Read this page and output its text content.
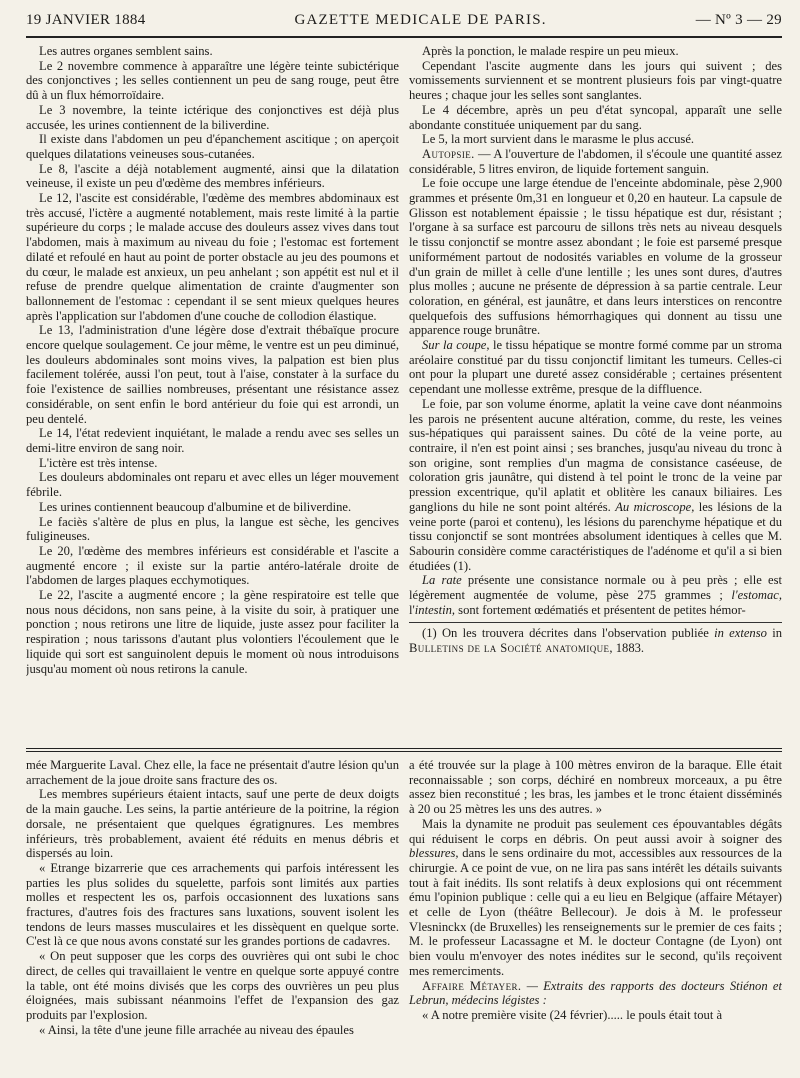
19 JANVIER 1884	GAZETTE MEDICALE DE PARIS.	— Nº 3 — 29

Les autres organes semblent sains.

Le 2 novembre commence à apparaître une légère teinte subictérique des conjonctives ; les selles contiennent un peu de sang rouge, peut être dû à un flux hémorroïdaire.

Le 3 novembre, la teinte ictérique des conjonctives est déjà plus accusée, les urines contiennent de la biliverdine.

Il existe dans l'abdomen un peu d'épanchement ascitique ; on aperçoit quelques dilatations veineuses sous-cutanées.

Le 8, l'ascite a déjà notablement augmenté, ainsi que la dilatation veineuse, il existe un peu d'œdème des membres inférieurs.

Le 12, l'ascite est considérable, l'œdème des membres abdominaux est très accusé, l'ictère a augmenté notablement, mais reste limité à la partie supérieure du corps ; le malade accuse des douleurs assez vives dans tout l'abdomen, mais à maximum au niveau du foie ; l'estomac est fortement dilaté et refoulé en haut au point de porter obstacle au jeu des poumons et du cœur, le malade est anxieux, un peu anhelant ; son appétit est nul et il refuse de prendre quelque alimentation de crainte d'augmenter son ballonnement de l'estomac : cependant il se sent mieux quelques heures après l'application sur l'abdomen d'une couche de collodion élastique.

Le 13, l'administration d'une légère dose d'extrait thébaïque procure encore quelque soulagement. Ce jour même, le ventre est un peu diminué, les douleurs abdominales sont moins vives, la palpation est bien plus facilement tolérée, aussi l'on peut, tout à l'aise, constater à la surface du foie l'existence de saillies nombreuses, présentant une résistance assez considérable, on sent enfin le bord antérieur du foie qui est arrondi, un peu dentelé.

Le 14, l'état redevient inquiétant, le malade a rendu avec ses selles un demi-litre environ de sang noir.

L'ictère est très intense.

Les douleurs abdominales ont reparu et avec elles un léger mouvement fébrile.

Les urines contiennent beaucoup d'albumine et de biliverdine.

Le faciès s'altère de plus en plus, la langue est sèche, les gencives fuligineuses.

Le 20, l'œdème des membres inférieurs est considérable et l'ascite a augmenté encore ; il existe sur la partie antéro-latérale droite de l'abdomen de larges plaques ecchymotiques.

Le 22, l'ascite a augmenté encore ; la gène respiratoire est telle que nous nous décidons, non sans peine, à la visite du soir, à pratiquer une ponction ; nous retirons une litre de liquide, juste assez pour faciliter la respiration ; nous tarissons d'autant plus volontiers l'écoulement que le liquide qui sort est sanguinolent depuis le moment où nous introduisons jusqu'au moment où nous retirons la canule.

Après la ponction, le malade respire un peu mieux.

Cependant l'ascite augmente dans les jours qui suivent ; des vomissements surviennent et se montrent plusieurs fois par vingt-quatre heures ; chaque jour les selles sont sanglantes.

Le 4 décembre, après un peu d'état syncopal, apparaît une selle abondante constituée uniquement par du sang.

Le 5, la mort survient dans le marasme le plus accusé.

Autopsie. — A l'ouverture de l'abdomen, il s'écoule une quantité assez considérable, 5 litres environ, de liquide fortement sanguin.

Le foie occupe une large étendue de l'enceinte abdominale, pèse 2,900 grammes et présente 0m,31 en longueur et 0,20 en hauteur. La capsule de Glisson est notablement épaissie ; le tissu hépatique est dur, résistant ; l'organe à sa surface est parcouru de sillons très nets au niveau desquels le tissu conjonctif se montre assez abondant ; le foie est parsemé presque uniformément partout de nodosités variables en volume de la grosseur d'un grain de millet à celle d'une lentille ; les unes sont dures, d'autres plus molles ; aucune ne présente de dépression à sa partie centrale. Leur coloration, en général, est jaunâtre, et dans leurs interstices on rencontre quelquefois des suffusions hémorrhagiques qui donnent au tissu une apparence rouge brunâtre.

Sur la coupe, le tissu hépatique se montre formé comme par un stroma aréolaire constitué par du tissu conjonctif limitant les tumeurs. Celles-ci ont pour la plupart une dureté assez considérable ; certaines présentent cependant une mollesse extrême, presque de la diffluence.

Le foie, par son volume énorme, aplatit la veine cave dont néanmoins les parois ne présentent aucune altération, comme, du reste, les veines sus-hépatiques qui paraissent saines. Du côté de la veine porte, au contraire, il n'en est point ainsi ; ses branches, jusqu'au niveau du tronc à son origine, sont remplies d'un magma de consistance caséeuse, de coloration gris jaunâtre, qui distend à tel point le tronc de la veine par pression excentrique, qu'il aplatit et oblitère les canaux biliaires. Les ganglions du hile ne sont point altérés. Au microscope, les lésions de la veine porte (paroi et contenu), les lésions du parenchyme hépatique et du tissu conjonctif se sont montrées absolument identiques à celles que M. Sabourin considère comme caractéristiques de l'adénome et qu'il a si bien étudiées (1).

La rate présente une consistance normale ou à peu près ; elle est légèrement augmentée de volume, pèse 275 grammes ; l'estomac, l'intestin, sont fortement œdématiés et présentent de petites hémor-

(1) On les trouvera décrites dans l'observation publiée in extenso in Bulletins de la Société anatomique, 1883.

mée Marguerite Laval. Chez elle, la face ne présentait d'autre lésion qu'un arrachement de la joue droite sans fracture des os.

Les membres supérieurs étaient intacts, sauf une perte de deux doigts de la main gauche. Les seins, la partie antérieure de la poitrine, la région dorsale, ne présentaient que quelques égratignures. Les membres inférieurs, très probablement, avaient été réduits en menus débris et dispersés au loin.

« Etrange bizarrerie que ces arrachements qui parfois intéressent les parties les plus solides du squelette, parfois sont limités aux parties molles et respectent les os, parfois occasionnent des luxations sans fractures, d'autres fois des fractures sans luxations, souvent isolent les tendons de leurs masses musculaires et les dissèquent en quelque sorte. C'est là ce que nous avons constaté sur les grandes portions de cadavres.

« On peut supposer que les corps des ouvrières qui ont subi le choc direct, de celles qui travaillaient le ventre en quelque sorte appuyé contre la table, ont été moins divisés que les corps des ouvrières un peu plus éloignées, mais subissant néanmoins l'effet de l'expansion des gaz produits par l'explosion.

« Ainsi, la tête d'une jeune fille arrachée au niveau des épaules

a été trouvée sur la plage à 100 mètres environ de la baraque. Elle était reconnaissable ; son corps, déchiré en nombreux morceaux, a pu être assez bien reconstitué ; les bras, les jambes et le tronc étaient disséminés à 20 ou 25 mètres les uns des autres. »

Mais la dynamite ne produit pas seulement ces épouvantables dégâts qui réduisent le corps en débris. On peut aussi avoir à soigner des blessures, dans le sens ordinaire du mot, accessibles aux ressources de la chirurgie. A ce point de vue, on ne lira pas sans intérêt les détails suivants tout à fait inédits. Ils sont relatifs à deux explosions qui ont récemment ému l'opinion publique : celle qui a eu lieu en Belgique (affaire Métayer) et celle de Lyon (théâtre Bellecour). Je dois à M. le professeur Vlesninckx (de Bruxelles) les renseignements sur le premier de ces faits ; M. le professeur Lacassagne et M. le docteur Contagne (de Lyon) ont bien voulu m'envoyer des notes inédites sur le second, qu'ils reçoivent mes remerciments.

Affaire Métayer. — Extraits des rapports des docteurs Stiénon et Lebrun, médecins légistes :

« A notre première visite (24 février)..... le pouls était tout à
